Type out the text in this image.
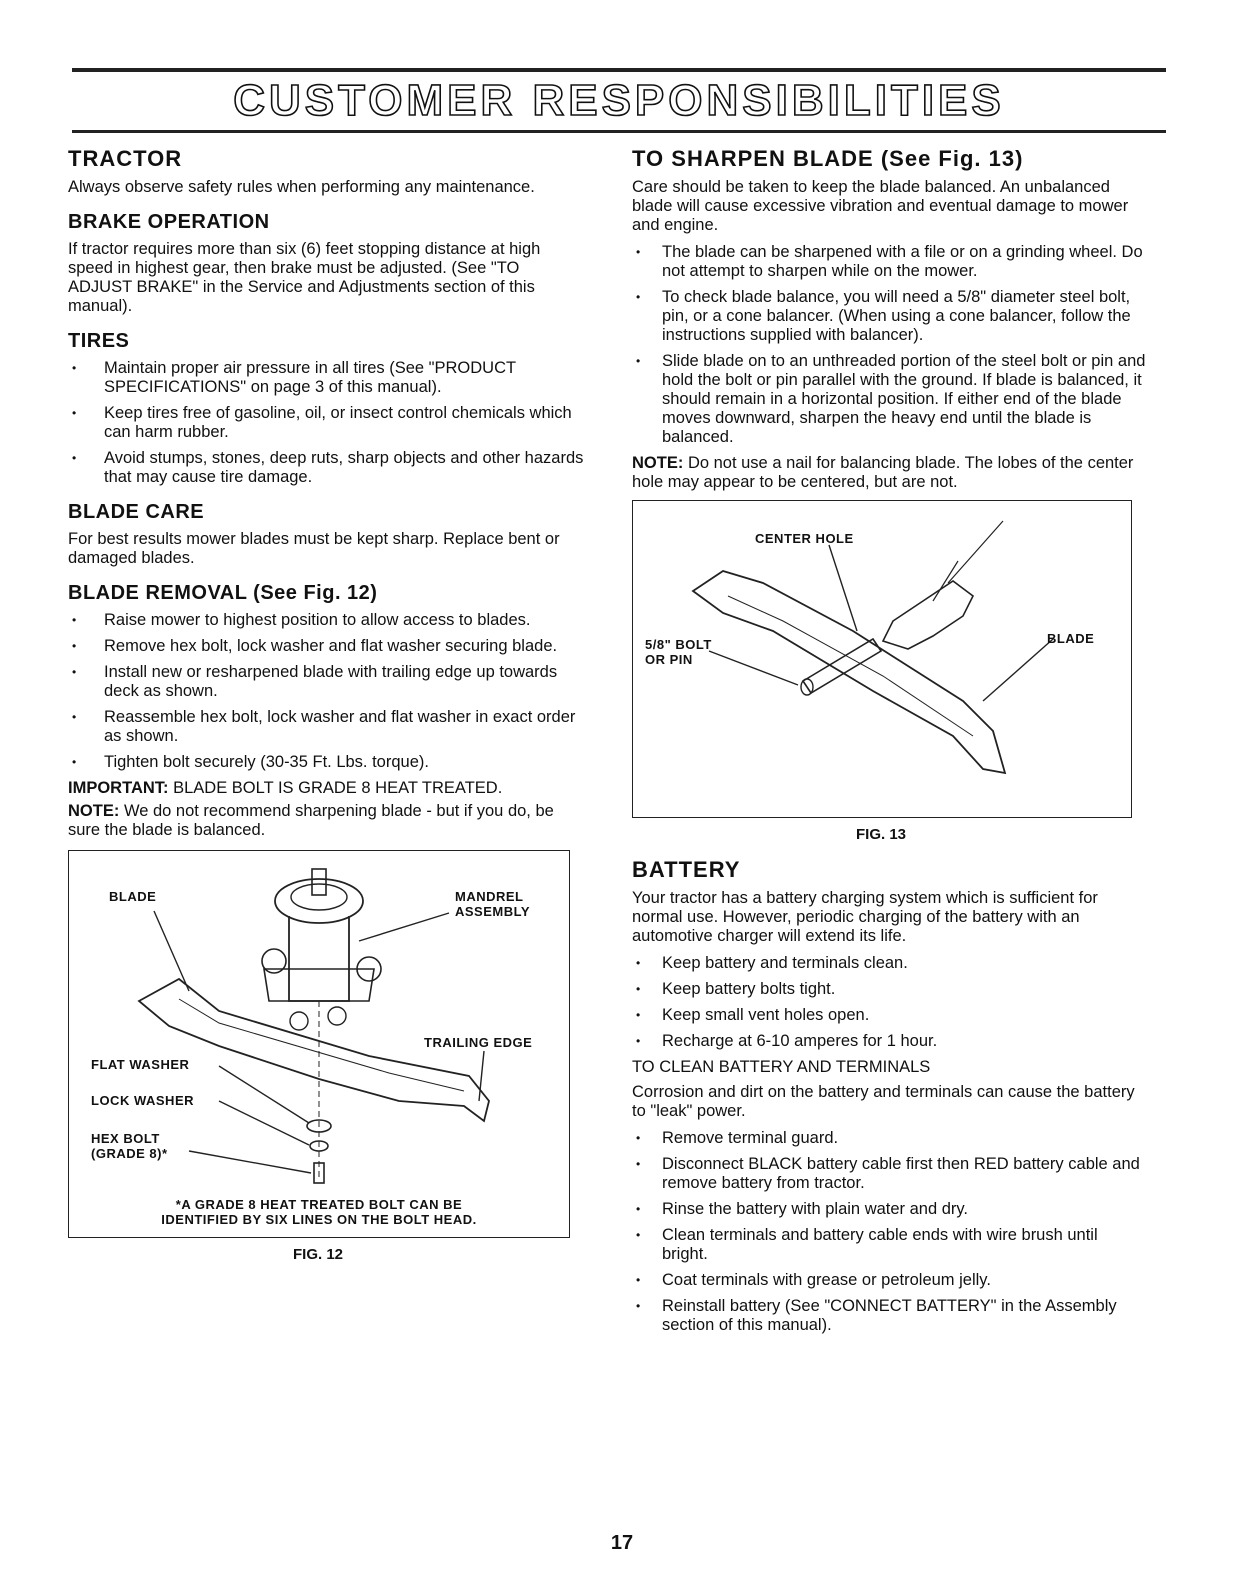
CUSTOMER RESPONSIBILITIES
TRACTOR

Always observe safety rules when performing any maintenance.

BRAKE OPERATION

If tractor requires more than six (6) feet stopping distance at high speed in highest gear, then brake must be adjusted. (See "TO ADJUST BRAKE" in the Service and Adjustments section of this manual).

TIRES
• Maintain proper air pressure in all tires (See "PRODUCT SPECIFICATIONS" on page 3 of this manual).
• Keep tires free of gasoline, oil, or insect control chemicals which can harm rubber.
• Avoid stumps, stones, deep ruts, sharp objects and other hazards that may cause tire damage.
BLADE CARE

For best results mower blades must be kept sharp. Replace bent or damaged blades.

BLADE REMOVAL (See Fig. 12)
• Raise mower to highest position to allow access to blades.
• Remove hex bolt, lock washer and flat washer securing blade.
• Install new or resharpened blade with trailing edge up towards deck as shown.
• Reassemble hex bolt, lock washer and flat washer in exact order as shown.
• Tighten bolt securely (30-35 Ft. Lbs. torque).

IMPORTANT: BLADE BOLT IS GRADE 8 HEAT TREATED.

NOTE: We do not recommend sharpening blade - but if you do, be sure the blade is balanced.

BLADE	MANDREL
ASSEMBLY
TRAILING EDGE
FLAT WASHER
LOCK WASHER
HEX BOLT
(GRADE 8)*
*A GRADE 8 HEAT TREATED BOLT CAN BE
IDENTIFIED BY SIX LINES ON THE BOLT HEAD.
FIG. 12
TO SHARPEN BLADE (See Fig. 13)

Care should be taken to keep the blade balanced. An unbalanced blade will cause excessive vibration and eventual damage to mower and engine.

• The blade can be sharpened with a file or on a grinding wheel. Do not attempt to sharpen while on the mower.
• To check blade balance, you will need a 5/8" diameter steel bolt, pin, or a cone balancer. (When using a cone balancer, follow the instructions supplied with balancer).
• Slide blade on to an unthreaded portion of the steel bolt or pin and hold the bolt or pin parallel with the ground. If blade is balanced, it should remain in a horizontal position. If either end of the blade moves downward, sharpen the heavy end until the blade is balanced.

NOTE: Do not use a nail for balancing blade. The lobes of the center hole may appear to be centered, but are not.

CENTER HOLE
5/8" BOLT
OR PIN
BLADE
FIG. 13
BATTERY

Your tractor has a battery charging system which is sufficient for normal use. However, periodic charging of the battery with an automotive charger will extend its life.

• Keep battery and terminals clean.
• Keep battery bolts tight.
• Keep small vent holes open.
• Recharge at 6-10 amperes for 1 hour.

TO CLEAN BATTERY AND TERMINALS

Corrosion and dirt on the battery and terminals can cause the battery to "leak" power.

• Remove terminal guard.
• Disconnect BLACK battery cable first then RED battery cable and remove battery from tractor.
• Rinse the battery with plain water and dry.
• Clean terminals and battery cable ends with wire brush until bright.
• Coat terminals with grease or petroleum jelly.
• Reinstall battery (See "CONNECT BATTERY" in the Assembly section of this manual).
17
